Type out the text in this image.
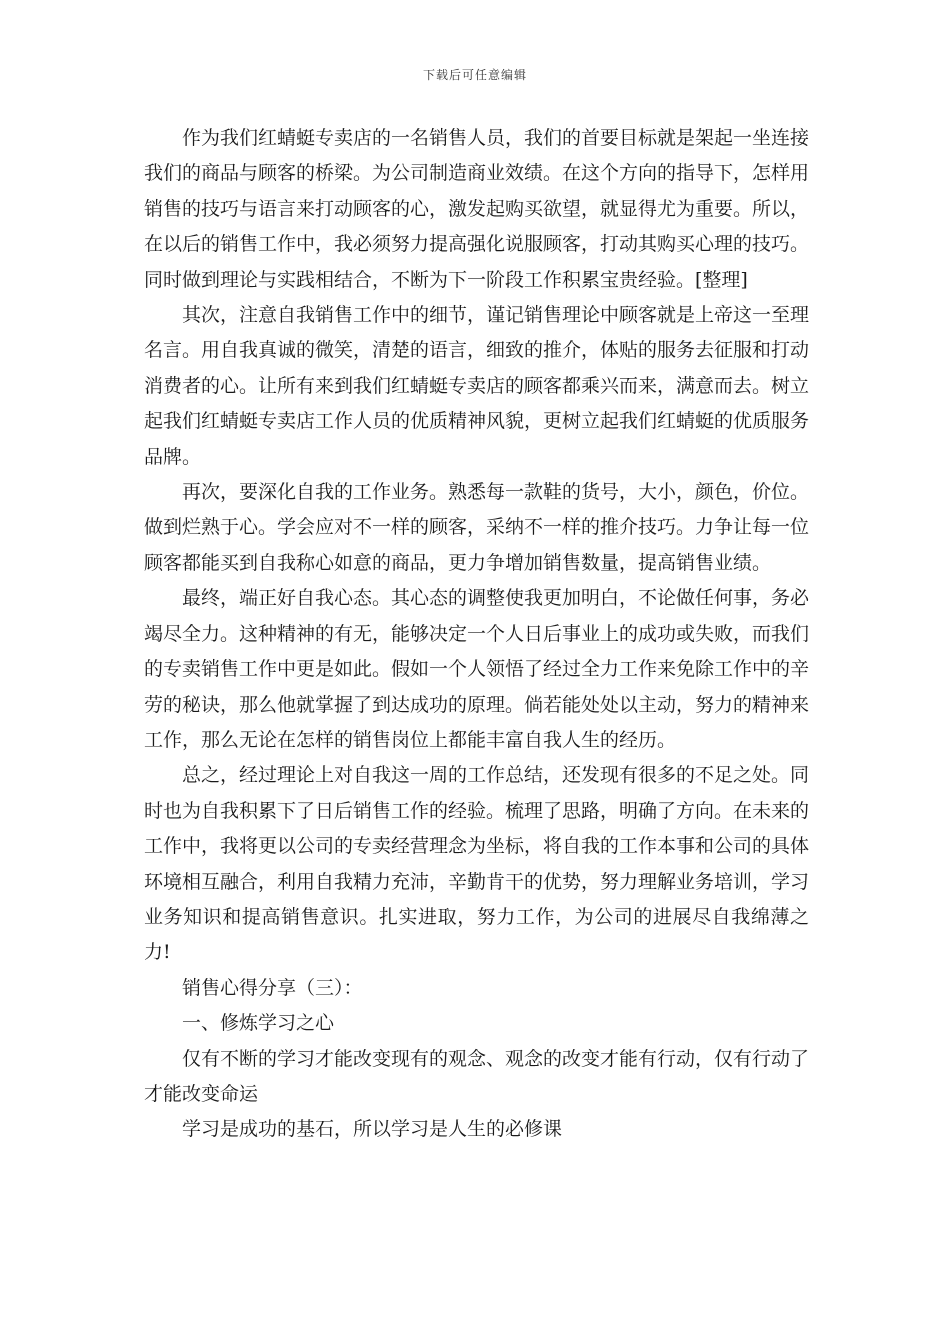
下载后可任意编辑

作为我们红蜻蜓专卖店的一名销售人员，我们的首要目标就是架起一坐连接我们的商品与顾客的桥梁。为公司制造商业效绩。在这个方向的指导下，怎样用销售的技巧与语言来打动顾客的心，激发起购买欲望，就显得尤为重要。所以，在以后的销售工作中，我必须努力提高强化说服顾客，打动其购买心理的技巧。同时做到理论与实践相结合，不断为下一阶段工作积累宝贵经验。[整理]

其次，注意自我销售工作中的细节，谨记销售理论中顾客就是上帝这一至理名言。用自我真诚的微笑，清楚的语言，细致的推介，体贴的服务去征服和打动消费者的心。让所有来到我们红蜻蜓专卖店的顾客都乘兴而来，满意而去。树立起我们红蜻蜓专卖店工作人员的优质精神风貌，更树立起我们红蜻蜓的优质服务品牌。

再次，要深化自我的工作业务。熟悉每一款鞋的货号，大小，颜色，价位。做到烂熟于心。学会应对不一样的顾客，采纳不一样的推介技巧。力争让每一位顾客都能买到自我称心如意的商品，更力争增加销售数量，提高销售业绩。

最终，端正好自我心态。其心态的调整使我更加明白，不论做任何事，务必竭尽全力。这种精神的有无，能够决定一个人日后事业上的成功或失败，而我们的专卖销售工作中更是如此。假如一个人领悟了经过全力工作来免除工作中的辛劳的秘诀，那么他就掌握了到达成功的原理。倘若能处处以主动，努力的精神来工作，那么无论在怎样的销售岗位上都能丰富自我人生的经历。

总之，经过理论上对自我这一周的工作总结，还发现有很多的不足之处。同时也为自我积累下了日后销售工作的经验。梳理了思路，明确了方向。在未来的工作中，我将更以公司的专卖经营理念为坐标，将自我的工作本事和公司的具体环境相互融合，利用自我精力充沛，辛勤肯干的优势，努力理解业务培训，学习业务知识和提高销售意识。扎实进取，努力工作，为公司的进展尽自我绵薄之力!

销售心得分享（三）：

一、修炼学习之心

仅有不断的学习才能改变现有的观念、观念的改变才能有行动，仅有行动了才能改变命运

学习是成功的基石，所以学习是人生的必修课
